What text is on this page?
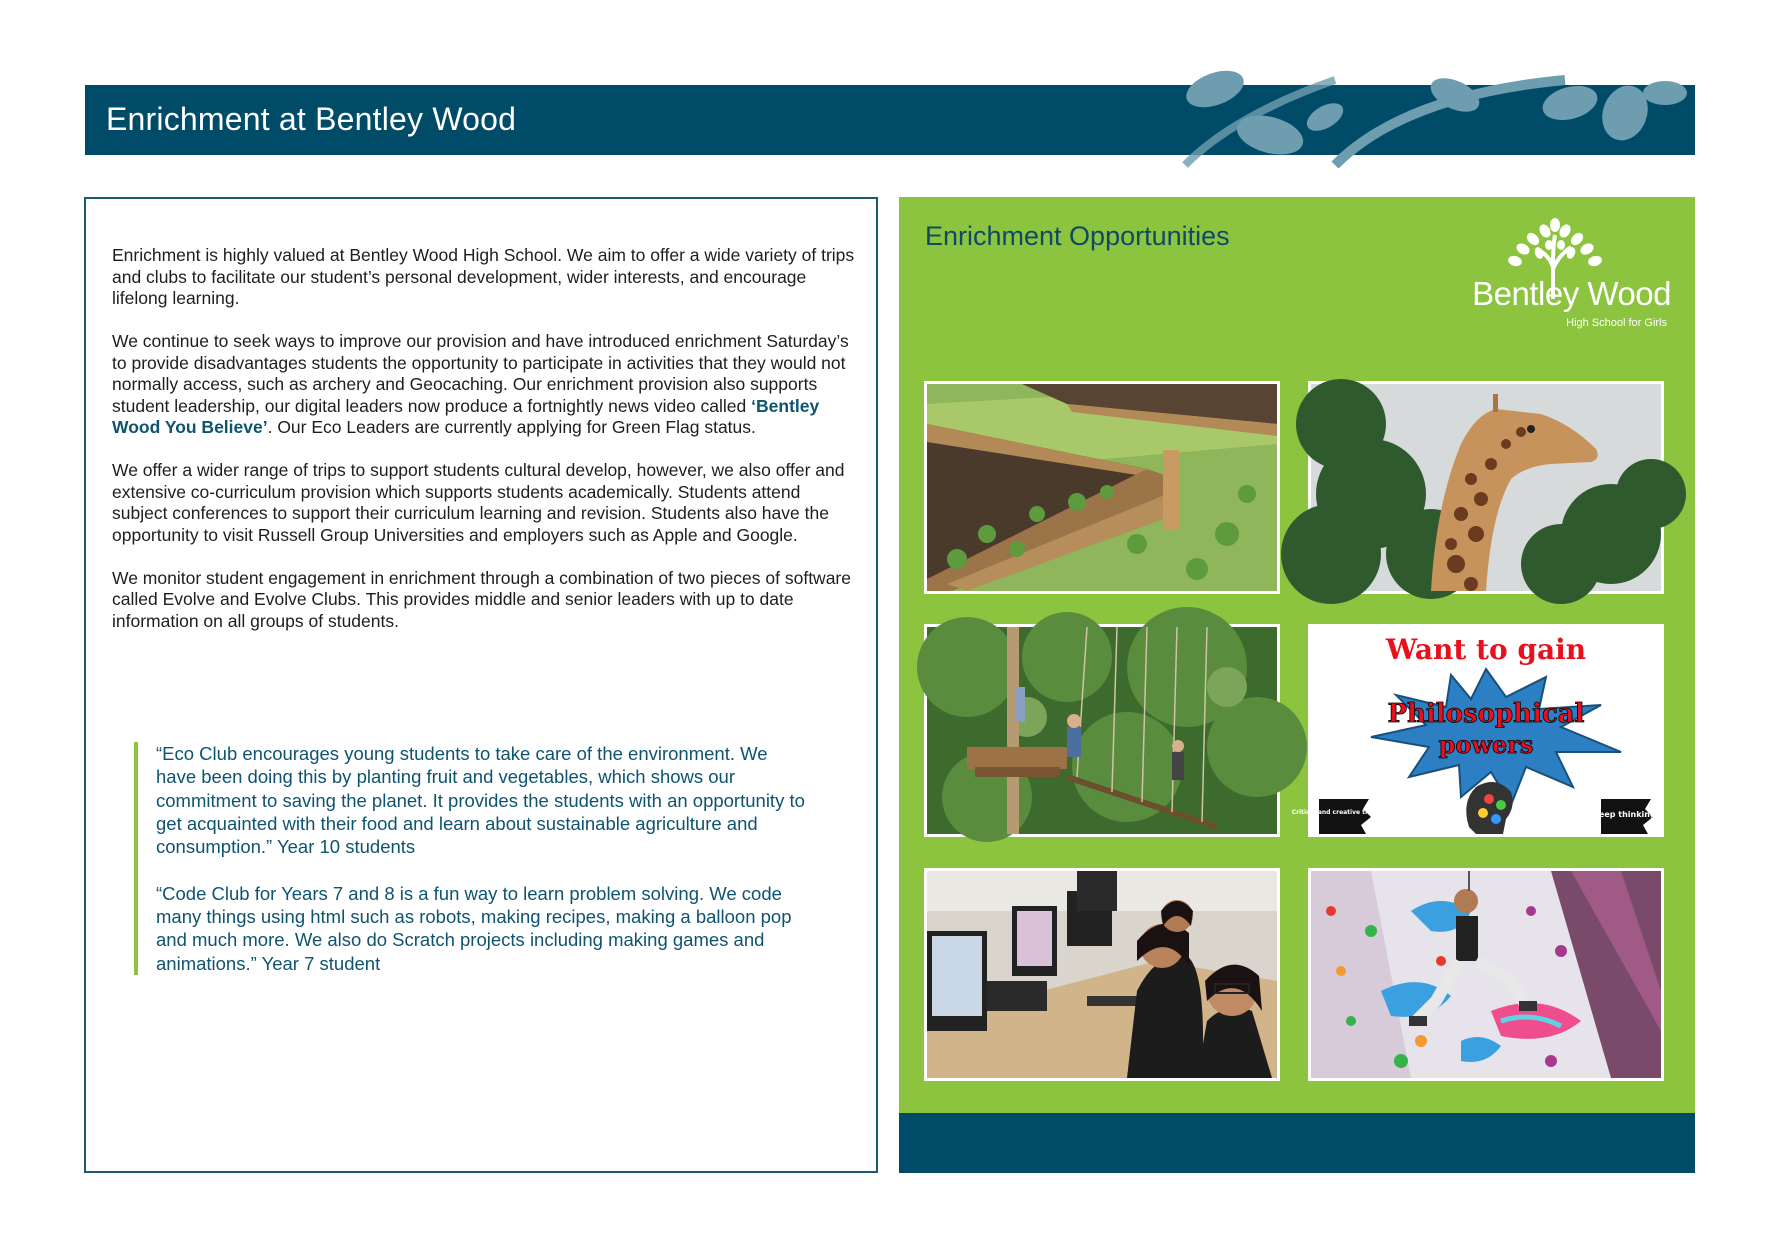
Enrichment at Bentley Wood

Enrichment is highly valued at Bentley Wood High School. We aim to offer a wide variety of trips and clubs to facilitate our student’s personal development, wider interests, and encourage lifelong learning.

We continue to seek ways to improve our provision and have introduced enrichment Saturday’s to provide disadvantages students the opportunity to participate in activities that they would not normally access, such as archery and Geocaching. Our enrichment provision also supports student leadership, our digital leaders now produce a fortnightly news video called ‘Bentley Wood You Believe’. Our Eco Leaders are currently applying for Green Flag status.

We offer a wider range of trips to support students cultural develop, however, we also offer and extensive co-curriculum provision which supports students academically. Students attend subject conferences to support their curriculum learning and revision. Students also have the opportunity to visit Russell Group Universities and employers such as Apple and Google.

We monitor student engagement in enrichment through a combination of two pieces of software called Evolve and Evolve Clubs. This provides middle and senior leaders with up to date information on all groups of students.

“Eco Club encourages young students to take care of the environment. We have been doing this by planting fruit and vegetables, which shows our commitment to saving the planet. It provides the students with an opportunity to get acquainted with their food and learn about sustainable agriculture and consumption.” Year 10 students

“Code Club for Years 7 and 8 is a fun way to learn problem solving. We code many things using html such as robots, making recipes, making a balloon pop and much more. We also do Scratch projects including making games and animations.” Year 7 student

Enrichment Opportunities
Bentley Wood
High School for Girls
Want to gain
Philosophical
powers
Critical and creative thinking	Deep thinking
